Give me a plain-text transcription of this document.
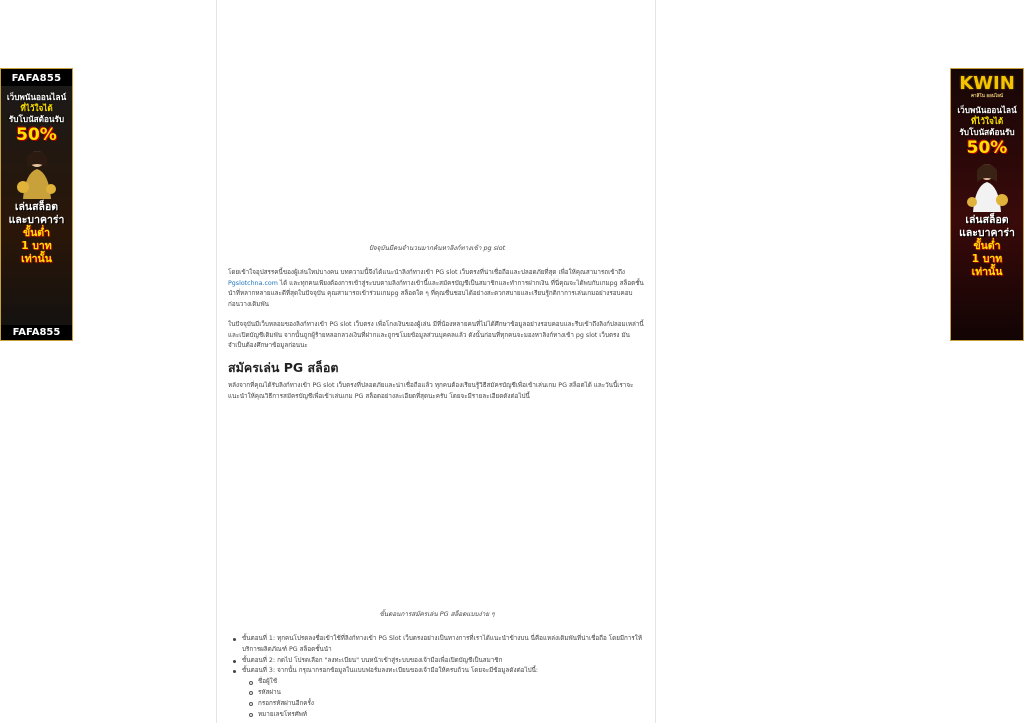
FAFA855
เว็บพนันออนไลน์
ที่ไว้ใจได้
รับโบนัสต้อนรับ
50%
เล่นสล็อต
และบาคาร่า
ขั้นต่ำ
1 บาท
เท่านั้น
FAFA855
KWIN
คาสิโน ออนไลน์
เว็บพนันออนไลน์
ที่ไว้ใจได้
รับโบนัสต้อนรับ
50%
เล่นสล็อต
และบาคาร่า
ขั้นต่ำ
1 บาท
เท่านั้น
ปัจจุบันมีคนจำนวนมากค้นหาลิงก์ทางเข้า pg slot

โดยเข้าใจอุปสรรคนี้ของผู้เล่นใหม่บางคน บทความนี้จึงได้แนะนำลิงก์ทางเข้า PG slot เว็บตรงที่น่าเชื่อถือและปลอดภัยที่สุด เพื่อให้คุณสามารถเข้าถึง Pgslotchna.com ได้ และทุกคนเพียงต้องการเข้าสู่ระบบตามลิงก์ทางเข้านี้และสมัครบัญชีเป็นสมาชิกและทำการฝากเงิน ที่นี่คุณจะได้พบกับเกมpg สล็อตชั้นนำที่หลากหลายและดีที่สุดในปัจจุบัน คุณสามารถเข้าร่วมเกมpg สล็อตใด ๆ ที่คุณชื่นชอบได้อย่างสะดวกสบายและเรียนรู้กติกาการเล่นเกมอย่างรอบคอบก่อนวางเดิมพัน

ในปัจจุบันมีเว็บหลอมของลิงก์ทางเข้า PG slot เว็บตรง เพื่อโกงเงินของผู้เล่น มีที่น้องหลายคนที่ไม่ได้ศึกษาข้อมูลอย่างรอบคอบและรีบเข้าถึงลิงก์ปลอมเหล่านี้ และเปิดบัญชีเดิมพัน จากนั้นถูกผู้ร้ายหลอกลวงเงินที่ฝากและถูกขโมยข้อมูลส่วนบุคคลแล้ว ดังนั้นก่อนที่ทุกคนจะมองหาลิงก์ทางเข้า pg slot เว็บตรง มันจำเป็นต้องศึกษาข้อมูลก่อนนะ

สมัครเล่น PG สล็อต

หลังจากที่คุณได้รับลิงก์ทางเข้า PG slot เว็บตรงที่ปลอดภัยและน่าเชื่อถือแล้ว ทุกคนต้องเรียนรู้วิธีสมัครบัญชีเพื่อเข้าเล่นเกม PG สล็อตได้ และวันนี้เราจะแนะนำให้คุณวิธีการสมัครบัญชีเพื่อเข้าเล่นเกม PG สล็อตอย่างละเอียดที่สุดนะครับ โดยจะมีรายละเอียดดังต่อไปนี้

ขั้นตอนการสมัครเล่น PG สล็อตแบบง่าย ๆ
ขั้นตอนที่ 1: ทุกคนโปรดลงชื่อเข้าใช้ที่ลิงก์ทางเข้า PG Slot เว็บตรงอย่างเป็นทางการที่เราได้แนะนำข้างบน นี่คือแหล่งเดิมพันที่น่าเชื่อถือ โดยมีการให้บริการผลิตภัณฑ์ PG สล็อตชั้นนำ
ขั้นตอนที่ 2: กดไป โปรดเลือก "ลงทะเบียน" บนหน้าเข้าสู่ระบบของเจ้ามือเพื่อเปิดบัญชีเป็นสมาชิก
ขั้นตอนที่ 3: จากนั้น กรุณากรอกข้อมูลในแบบฟอร์มลงทะเบียนของเจ้ามือให้ครบถ้วน โดยจะมีข้อมูลดังต่อไปนี้:
ชื่อผู้ใช้
รหัสผ่าน
กรอกรหัสผ่านอีกครั้ง
หมายเลขโทรศัพท์
